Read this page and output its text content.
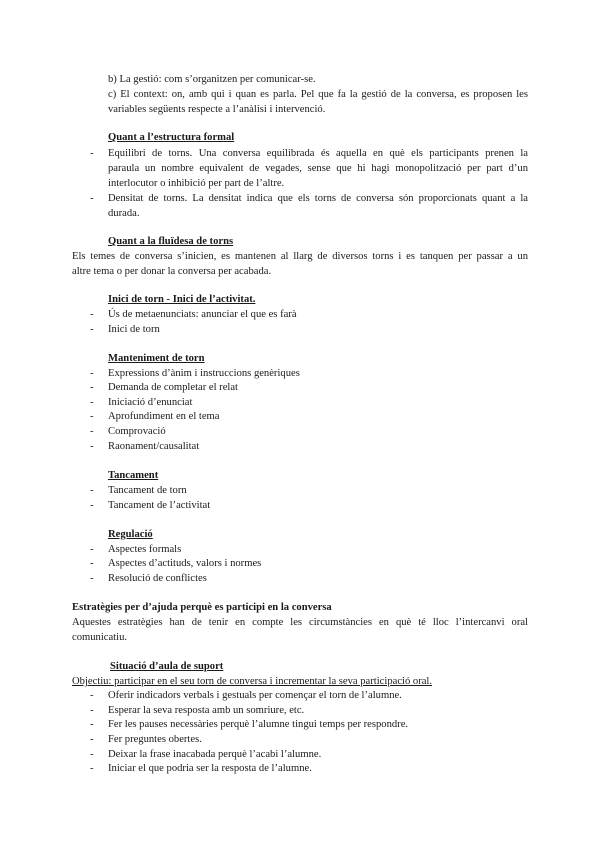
b) La gestió: com s’organitzen per comunicar-se.

c) El context: on, amb qui i quan es parla. Pel que fa la gestió de la conversa, es proposen les

variables següents respecte a l’anàlisi i intervenció.

Quant a l’estructura formal

- Equilibri de torns. Una conversa equilibrada és aquella en què els participants prenen la

paraula un nombre equivalent de vegades, sense que hi hagi monopolització per part d’un

interlocutor o inhibició per part de l’altre.

- Densitat de torns. La densitat indica que els torns de conversa són proporcionats quant a la

durada.

Quant a la fluïdesa de torns

Els temes de conversa s’inicien, es mantenen al llarg de diversos torns i es tanquen per passar a un

altre tema o per donar la conversa per acabada.

Inici de torn - Inici de l’activitat.

- Ús de metaenunciats: anunciar el que es farà

- Inici de torn

Manteniment de torn

- Expressions d’ànim i instruccions genèriques

- Demanda de completar el relat

- Iniciació d’enunciat

- Aprofundiment en el tema

- Comprovació

- Raonament/causalitat

Tancament

- Tancament de torn

- Tancament de l’activitat

Regulació

- Aspectes formals

- Aspectes d’actituds, valors i normes

- Resolució de conflictes

Estratègies per d’ajuda perquè es participi en la conversa

Aquestes estratègies han de tenir en compte les circumstàncies en què té lloc l’intercanvi oral

comunicatiu.

Situació d’aula de suport

Objectiu: participar en el seu torn de conversa i incrementar la seva participació oral.

- Oferir indicadors verbals i gestuals per començar el torn de l’alumne.

- Esperar la seva resposta amb un somriure, etc.

- Fer les pauses necessàries perquè l’alumne tingui temps per respondre.

- Fer preguntes obertes.

- Deixar la frase inacabada perquè l’acabi l’alumne.

- Iniciar el que podria ser la resposta de l’alumne.
